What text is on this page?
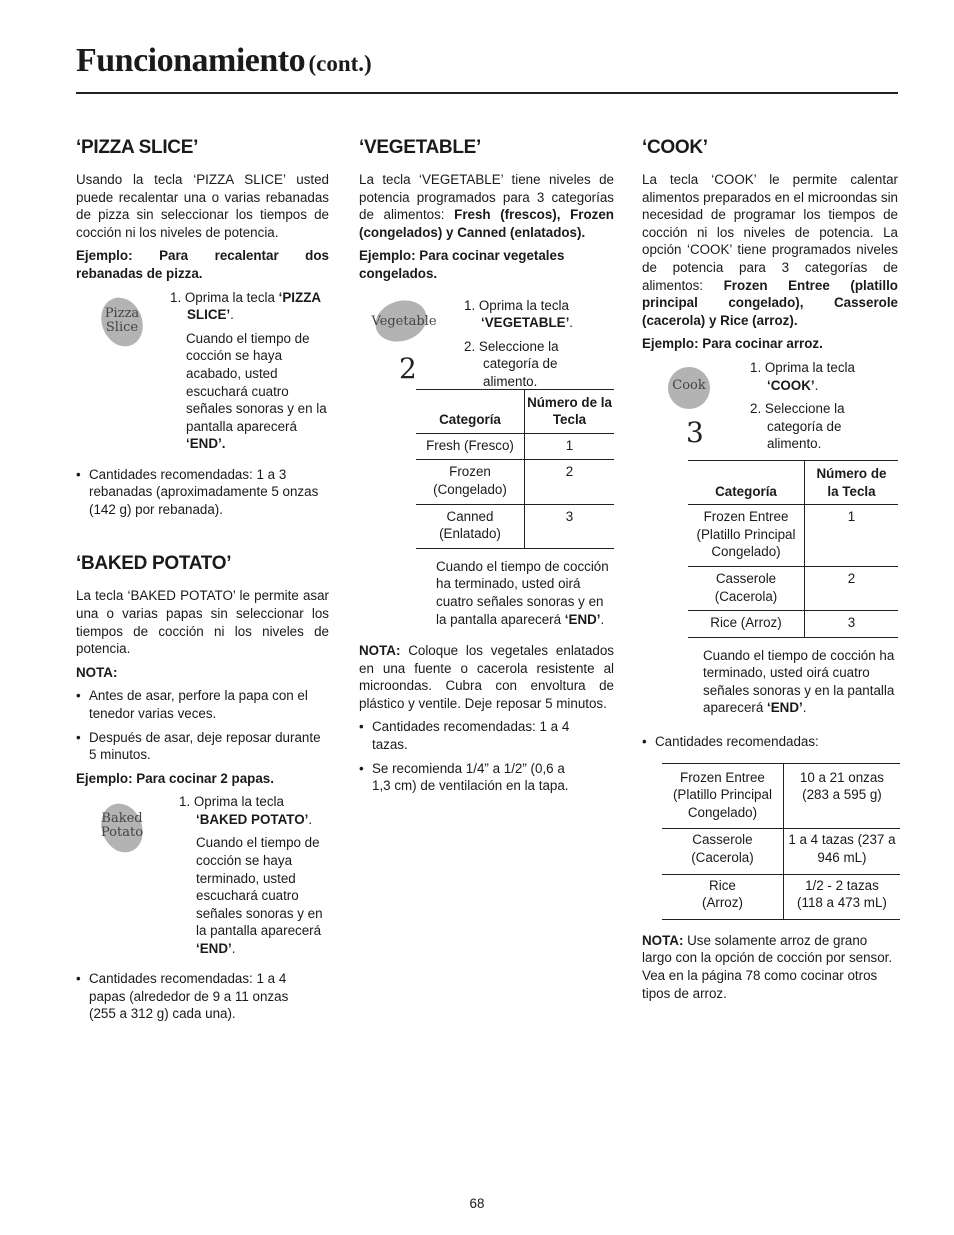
Funcionamiento (cont.)
‘PIZZA SLICE’

Usando la tecla ‘PIZZA SLICE’ usted puede recalentar una o varias rebanadas de pizza sin seleccionar los tiempos de cocción ni los niveles de potencia.

Ejemplo: Para recalentar dos rebanadas de pizza.

Pizza
Slice
1. Oprima la tecla ‘PIZZA SLICE’.
Cuando el tiempo de cocción se haya acabado, usted escuchará cuatro señales sonoras y en la pantalla aparecerá ‘END’.
• Cantidades recomendadas: 1 a 3 rebanadas (aproximadamente 5 onzas (142 g) por rebanada).
‘BAKED POTATO’

La tecla ‘BAKED POTATO’ le permite asar una o varias papas sin seleccionar los tiempos de cocción ni los niveles de potencia.

NOTA:

• Antes de asar, perfore la papa con el tenedor varias veces.
• Después de asar, deje reposar durante 5 minutos.

Ejemplo: Para cocinar 2 papas.

Baked
Potato
1. Oprima la tecla
‘BAKED POTATO’.
Cuando el tiempo de cocción se haya terminado, usted escuchará cuatro señales sonoras y en la pantalla aparecerá ‘END’.
• Cantidades recomendadas: 1 a 4 papas (alrededor de 9 a 11 onzas (255 a 312 g) cada una).
‘VEGETABLE’

La tecla ‘VEGETABLE’ tiene niveles de potencia programados para 3 categorías de alimentos: Fresh (frescos), Frozen (congelados) y Canned (enlatados).

Ejemplo: Para cocinar vegetales congelados.

Vegetable
2
1. Oprima la tecla
‘VEGETABLE’.
2. Seleccione la categoría de alimento.
Categoría	Número de la Tecla
Fresh (Fresco)	1
Frozen (Congelado)	2
Canned (Enlatado)	3
Cuando el tiempo de cocción ha terminado, usted oirá cuatro señales sonoras y en la pantalla aparecerá ‘END’.

NOTA: Coloque los vegetales enlatados en una fuente o cacerola resistente al microondas. Cubra con envoltura de plástico y ventile. Deje reposar 5 minutos.

• Cantidades recomendadas: 1 a 4 tazas.
• Se recomienda 1/4” a 1/2” (0,6 a 1,3 cm) de ventilación en la tapa.
‘COOK’

La tecla ‘COOK’ le permite calentar alimentos preparados en el microondas sin necesidad de programar los tiempos de cocción ni los niveles de potencia. La opción ‘COOK’ tiene programados niveles de potencia para 3 categorías de alimentos: Frozen Entree (platillo principal congelado), Casserole (cacerola) y Rice (arroz).

Ejemplo: Para cocinar arroz.

Cook
3
1. Oprima la tecla
‘COOK’.
2. Seleccione la categoría de alimento.
Categoría	Número de la Tecla
Frozen Entree (Platillo Principal Congelado)	1
Casserole (Cacerola)	2
Rice (Arroz)	3
Cuando el tiempo de cocción ha terminado, usted oirá cuatro señales sonoras y en la pantalla aparecerá ‘END’.
• Cantidades recomendadas:
Frozen Entree (Platillo Principal Congelado)	10 a 21 onzas (283 a 595 g)
Casserole (Cacerola)	1 a 4 tazas (237 a 946 mL)
Rice (Arroz)	1/2 - 2 tazas (118 a 473 mL)

NOTA: Use solamente arroz de grano largo con la opción de cocción por sensor. Vea en la página 78 como cocinar otros tipos de arroz.

68
